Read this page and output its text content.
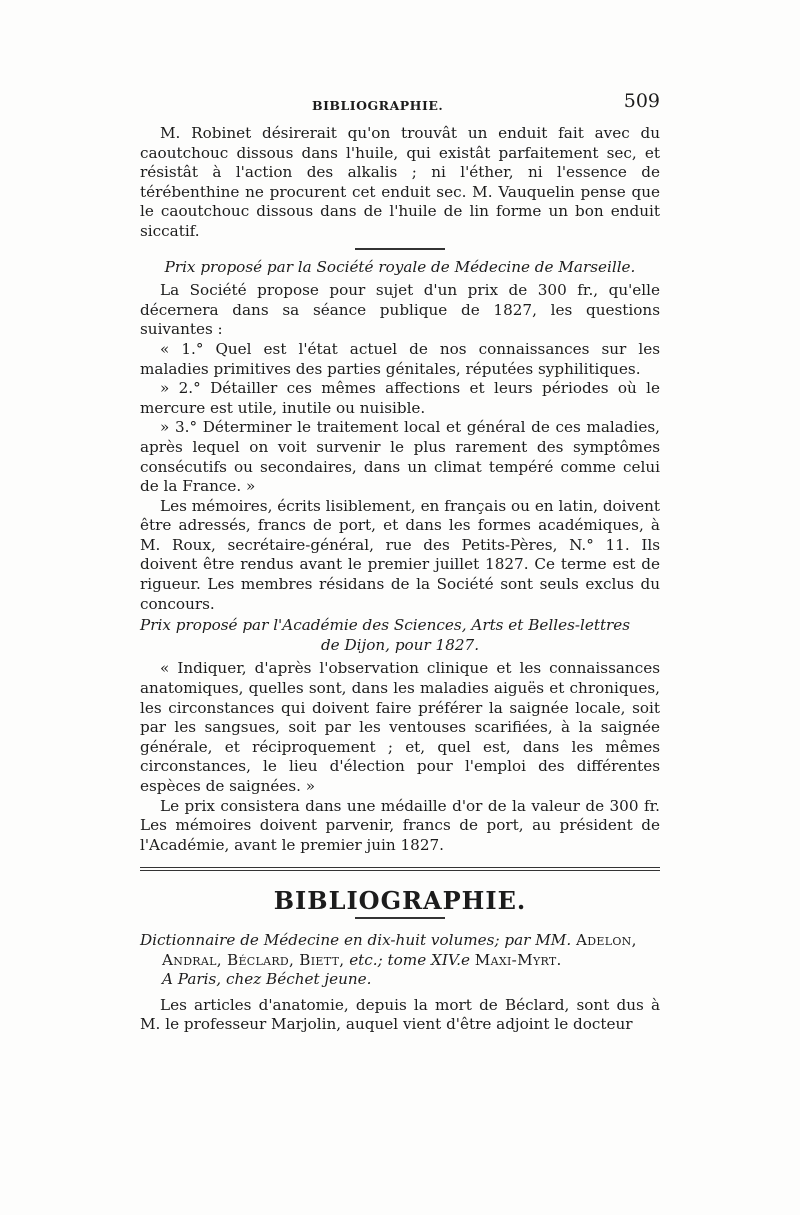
BIBLIOGRAPHIE.	509

M. Robinet désirerait qu'on trouvât un enduit fait avec du caoutchouc dissous dans l'huile, qui existât parfaitement sec, et résistât à l'action des alkalis ; ni l'éther, ni l'essence de térébenthine ne procurent cet enduit sec. M. Vauquelin pense que le caoutchouc dissous dans de l'huile de lin forme un bon enduit siccatif.

Prix proposé par la Société royale de Médecine de Marseille.

La Société propose pour sujet d'un prix de 300 fr., qu'elle décernera dans sa séance publique de 1827, les questions suivantes :

« 1.° Quel est l'état actuel de nos connaissances sur les maladies primitives des parties génitales, réputées syphilitiques.

» 2.° Détailler ces mêmes affections et leurs périodes où le mercure est utile, inutile ou nuisible.

» 3.° Déterminer le traitement local et général de ces maladies, après lequel on voit survenir le plus rarement des symptômes consécutifs ou secondaires, dans un climat tempéré comme celui de la France. »

Les mémoires, écrits lisiblement, en français ou en latin, doivent être adressés, francs de port, et dans les formes académiques, à M. Roux, secrétaire-général, rue des Petits-Pères, N.° 11. Ils doivent être rendus avant le premier juillet 1827. Ce terme est de rigueur. Les membres résidans de la Société sont seuls exclus du concours.

Prix proposé par l'Académie des Sciences, Arts et Belles-lettres

de Dijon, pour 1827.

« Indiquer, d'après l'observation clinique et les connaissances anatomiques, quelles sont, dans les maladies aiguës et chroniques, les circonstances qui doivent faire préférer la saignée locale, soit par les sangsues, soit par les ventouses scarifiées, à la saignée générale, et réciproquement ; et, quel est, dans les mêmes circonstances, le lieu d'élection pour l'emploi des différentes espèces de saignées. »

Le prix consistera dans une médaille d'or de la valeur de 300 fr. Les mémoires doivent parvenir, francs de port, au président de l'Académie, avant le premier juin 1827.

BIBLIOGRAPHIE.

Dictionnaire de Médecine en dix-huit volumes; par MM. Adelon,

Andral, Béclard, Biett, etc.; tome XIV.e Maxi-Myrt.

A Paris, chez Béchet jeune.

Les articles d'anatomie, depuis la mort de Béclard, sont dus à M. le professeur Marjolin, auquel vient d'être adjoint le docteur
